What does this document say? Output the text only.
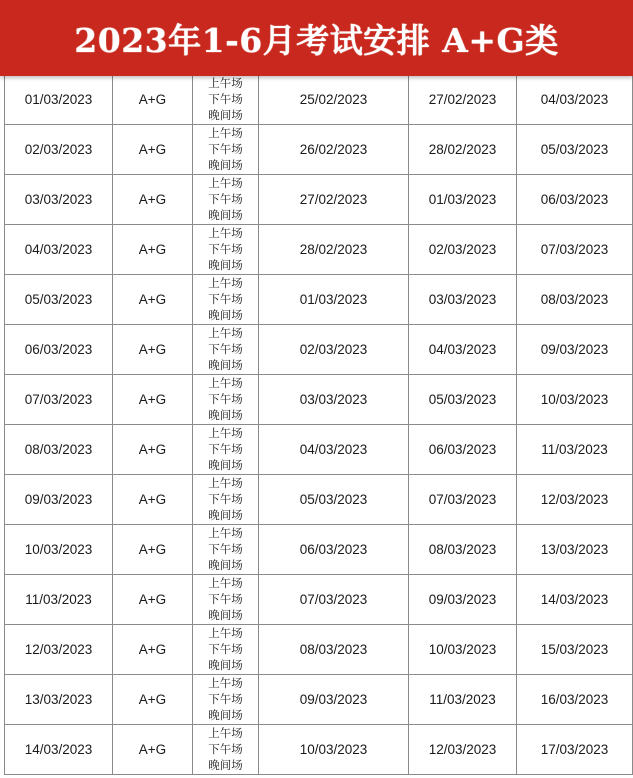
2023年1-6月考试安排 A+G类
01/03/2023	A+G	上午场
下午场
晚间场	25/02/2023	27/02/2023	04/03/2023
02/03/2023	A+G	上午场
下午场
晚间场	26/02/2023	28/02/2023	05/03/2023
03/03/2023	A+G	上午场
下午场
晚间场	27/02/2023	01/03/2023	06/03/2023
04/03/2023	A+G	上午场
下午场
晚间场	28/02/2023	02/03/2023	07/03/2023
05/03/2023	A+G	上午场
下午场
晚间场	01/03/2023	03/03/2023	08/03/2023
06/03/2023	A+G	上午场
下午场
晚间场	02/03/2023	04/03/2023	09/03/2023
07/03/2023	A+G	上午场
下午场
晚间场	03/03/2023	05/03/2023	10/03/2023
08/03/2023	A+G	上午场
下午场
晚间场	04/03/2023	06/03/2023	11/03/2023
09/03/2023	A+G	上午场
下午场
晚间场	05/03/2023	07/03/2023	12/03/2023
10/03/2023	A+G	上午场
下午场
晚间场	06/03/2023	08/03/2023	13/03/2023
11/03/2023	A+G	上午场
下午场
晚间场	07/03/2023	09/03/2023	14/03/2023
12/03/2023	A+G	上午场
下午场
晚间场	08/03/2023	10/03/2023	15/03/2023
13/03/2023	A+G	上午场
下午场
晚间场	09/03/2023	11/03/2023	16/03/2023
14/03/2023	A+G	上午场
下午场
晚间场	10/03/2023	12/03/2023	17/03/2023
